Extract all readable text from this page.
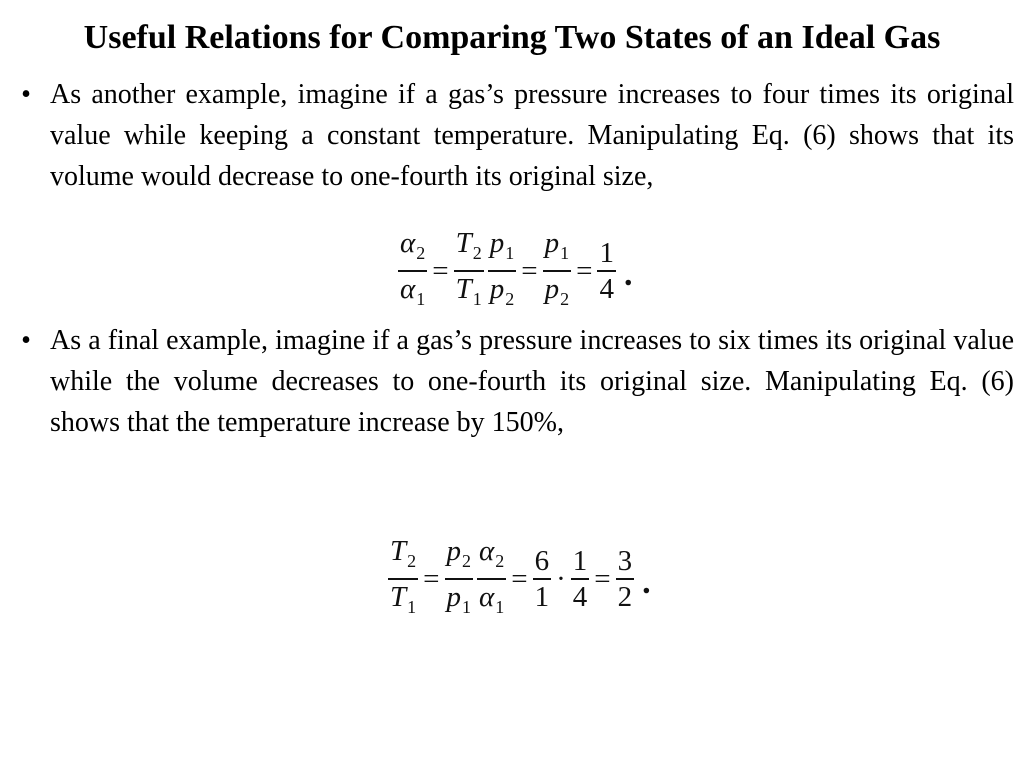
Useful Relations for Comparing Two States of an Ideal Gas
• As another example, imagine if a gas’s pressure increases to four times its original value while keeping a constant temperature. Manipulating Eq. (6) shows that its volume would decrease to one-fourth its original size,
$\frac{\alpha_2}{\alpha_1} = \frac{T_2}{T_1} \frac{p_1}{p_2} = \frac{p_1}{p_2} = \frac{1}{4}$ .
• As a final example, imagine if a gas’s pressure increases to six times its original value while the volume decreases to one-fourth its original size. Manipulating Eq. (6) shows that the temperature increase by 150%,
$\frac{T_2}{T_1} = \frac{p_2}{p_1} \frac{\alpha_2}{\alpha_1} = \frac{6}{1} \cdot \frac{1}{4} = \frac{3}{2}$ .
